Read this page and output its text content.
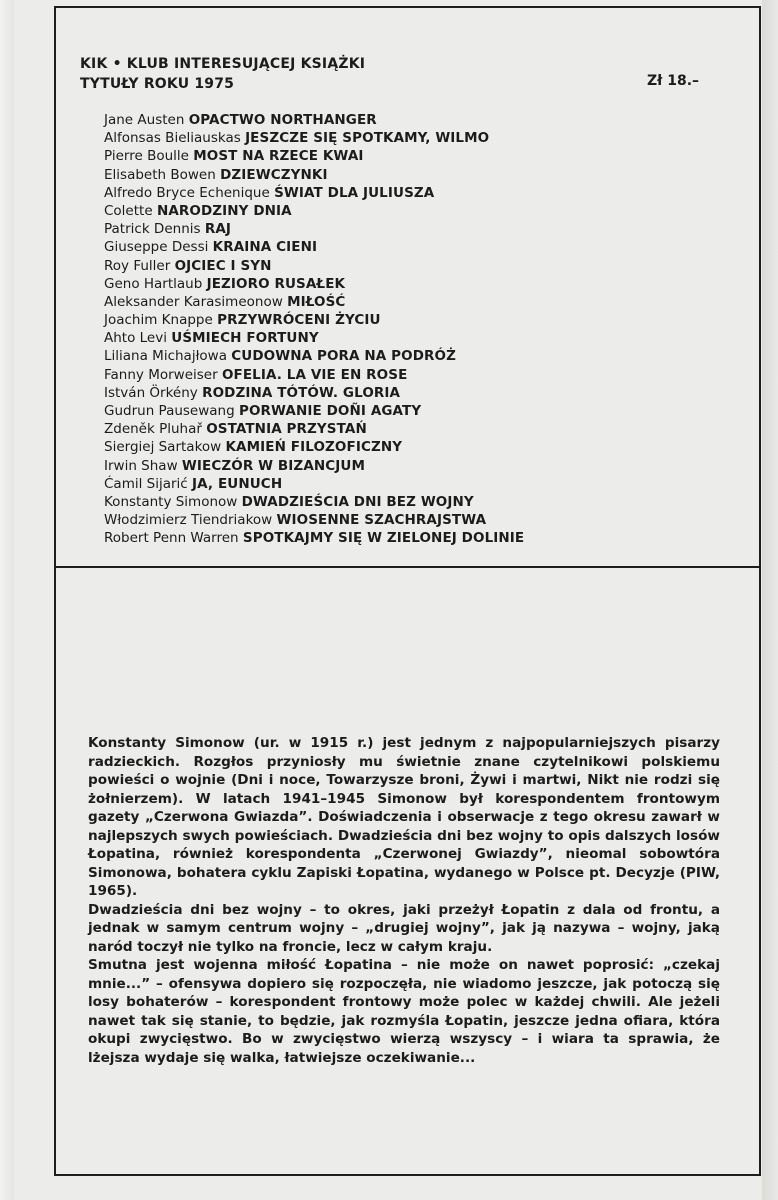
KIK • KLUB INTERESUJĄCEJ KSIĄŻKI
TYTUŁY ROKU 1975	Zł 18.–
Jane Austen OPACTWO NORTHANGER
Alfonsas Bieliauskas JESZCZE SIĘ SPOTKAMY, WILMO
Pierre Boulle MOST NA RZECE KWAI
Elisabeth Bowen DZIEWCZYNKI
Alfredo Bryce Echenique ŚWIAT DLA JULIUSZA
Colette NARODZINY DNIA
Patrick Dennis RAJ
Giuseppe Dessi KRAINA CIENI
Roy Fuller OJCIEC I SYN
Geno Hartlaub JEZIORO RUSAŁEK
Aleksander Karasimeonow MIŁOŚĆ
Joachim Knappe PRZYWRÓCENI ŻYCIU
Ahto Levi UŚMIECH FORTUNY
Liliana Michajłowa CUDOWNA PORA NA PODRÓŻ
Fanny Morweiser OFELIA. LA VIE EN ROSE
István Örkény RODZINA TÓTÓW. GLORIA
Gudrun Pausewang PORWANIE DOÑI AGATY
Zdeněk Pluhař OSTATNIA PRZYSTAŃ
Siergiej Sartakow KAMIEŃ FILOZOFICZNY
Irwin Shaw WIECZÓR W BIZANCJUM
Ćamil Sijarić JA, EUNUCH
Konstanty Simonow DWADZIEŚCIA DNI BEZ WOJNY
Włodzimierz Tiendriakow WIOSENNE SZACHRAJSTWA
Robert Penn Warren SPOTKAJMY SIĘ W ZIELONEJ DOLINIE

Konstanty Simonow (ur. w 1915 r.) jest jednym z najpopularniejszych pisarzy radzieckich. Rozgłos przyniosły mu świetnie znane czytelnikowi polskiemu powieści o wojnie (Dni i noce, Towarzysze broni, Żywi i martwi, Nikt nie rodzi się żołnierzem). W latach 1941–1945 Simonow był korespondentem frontowym gazety „Czerwona Gwiazda”. Doświadczenia i obserwacje z tego okresu zawarł w najlepszych swych powieściach. Dwadzieścia dni bez wojny to opis dalszych losów Łopatina, również korespondenta „Czerwonej Gwiazdy”, nieomal sobowtóra Simonowa, bohatera cyklu Zapiski Łopatina, wydanego w Polsce pt. Decyzje (PIW, 1965).

Dwadzieścia dni bez wojny – to okres, jaki przeżył Łopatin z dala od frontu, a jednak w samym centrum wojny – „drugiej wojny”, jak ją nazywa – wojny, jaką naród toczył nie tylko na froncie, lecz w całym kraju.

Smutna jest wojenna miłość Łopatina – nie może on nawet poprosić: „czekaj mnie...” – ofensywa dopiero się rozpoczęła, nie wiadomo jeszcze, jak potoczą się losy bohaterów – korespondent frontowy może polec w każdej chwili. Ale jeżeli nawet tak się stanie, to będzie, jak rozmyśla Łopatin, jeszcze jedna ofiara, która okupi zwycięstwo. Bo w zwycięstwo wierzą wszyscy – i wiara ta sprawia, że lżejsza wydaje się walka, łatwiejsze oczekiwanie...
